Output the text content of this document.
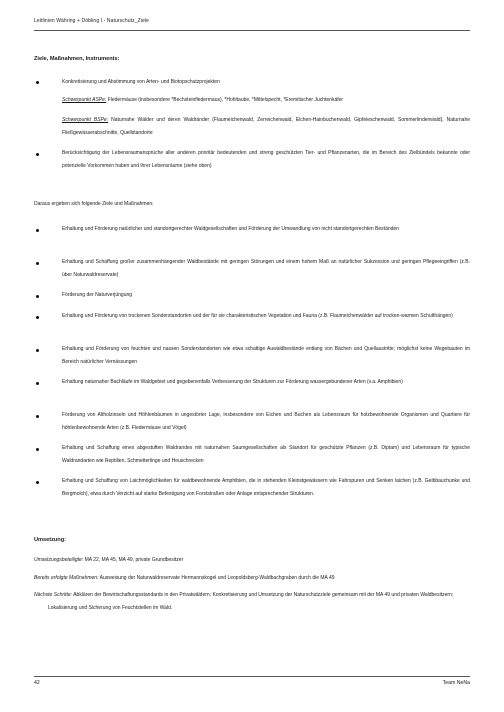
Leitlinien Währing + Döbling I - Naturschutz_Ziele
Ziele, Maßnahmen, Instruments:
Konkretisierung und Abstimmung von Arten- und Biotopschutzprojekten
Schwerpunkt ASPe: Fledermäuse (insbesondere *Bechsteinfledermaus), *Hohltaube, *Mittelspecht, *Eremitischer Juchtenkäfer
Schwerpunkt BSPe: Naturnahe Wälder und deren Waldränder (Flaumeichenwald, Zerreichenwald, Eichen-Hainbuchenwald, Gipfeleschenwald, Sommerlindenwald), Naturnahe Fließgewässerabschnitte, Quellstandorte
Berücksichtigung der Lebensraumansprüche aller anderen prioritär bedeutenden und streng geschützten Tier- und Pflanzenarten, die im Bereich des Zielbündels bekannte oder potenzielle Vorkommen haben und ihrer Lebensräume (siehe oben)
Daraus ergeben sich folgende Ziele und Maßnahmen:
Erhaltung und Förderung natürlicher und standortgerechter Waldgesellschaften und Förderung der Umwandlung von nicht standortgerechten Beständen
Erhaltung und Schaffung großer zusammenhängender Waldbestände mit geringen Störungen und einem hohem Maß an natürlicher Sukzession und geringen Pflegeeingriffen (z.B. über Naturwaldreservate)
Förderung der Naturverjüngung
Erhaltung und Förderung von trockenen Sonderstandorten und der für sie charakteristischen Vegetation und Fauna (z.B. Flaumeichenwälder auf trocken-warmen Schutthängen)
Erhaltung und Förderung von feuchten und nassen Sonderstandorten wie etwa schattige Auwaldbestände entlang von Bächen und Quellaustritte; möglichst keine Wegebauten im Bereich natürlicher Vernässungen
Erhaltung naturnaher Bachläufe im Waldgebiet und gegebenenfalls Verbesserung der Strukturen zur Förderung wassergebundener Arten (v.a. Amphibien)
Förderung von Altholzinseln und Höhlenbäumen in ungestörter Lage, insbesondere von Eichen und Buchen als Lebensraum für holzbewohnende Organismen und Quartiere für höhlenbewohnende Arten (z.B. Fledermäuse und Vögel)
Erhaltung und Schaffung eines abgestuften Waldrandes mit naturnahen Saumgesellschaften als Standort für geschützte Pflanzen (z.B. Diptam) und Lebensraum für typische Waldrandarten wie Reptilien, Schmetterlinge und Heuschrecken
Erhaltung und Schaffung von Laichmöglichkeiten für waldbewohnende Amphibien, die in stehenden Kleinstgewässern wie Fahrspuren und Senken laichen (z.B. Gelbbauchunke und Bergmolch), etwa durch Verzicht auf starke Befestigung von Forststraßen oder Anlage entsprechender Strukturen.
Umsetzung:
Umsetzungsbeteiligte: MA 22, MA 45, MA 49, private Grundbesitzer
Bereits erfolgte Maßnahmen: Ausweisung der Naturwaldreservate Hermannskogel und Leopoldsberg-Waldbachgraben durch die MA 49
Nächste Schritte: Abklären der Bewirtschaftungsstandards in den Privatwäldern; Konkretisierung und Umsetzung der Naturschutzziele gemeinsam mit der MA 49 und privaten Waldbesitzern; Lokalisierung und Sicherung von Feuchtstellen im Wald.
42	Team NeNa
